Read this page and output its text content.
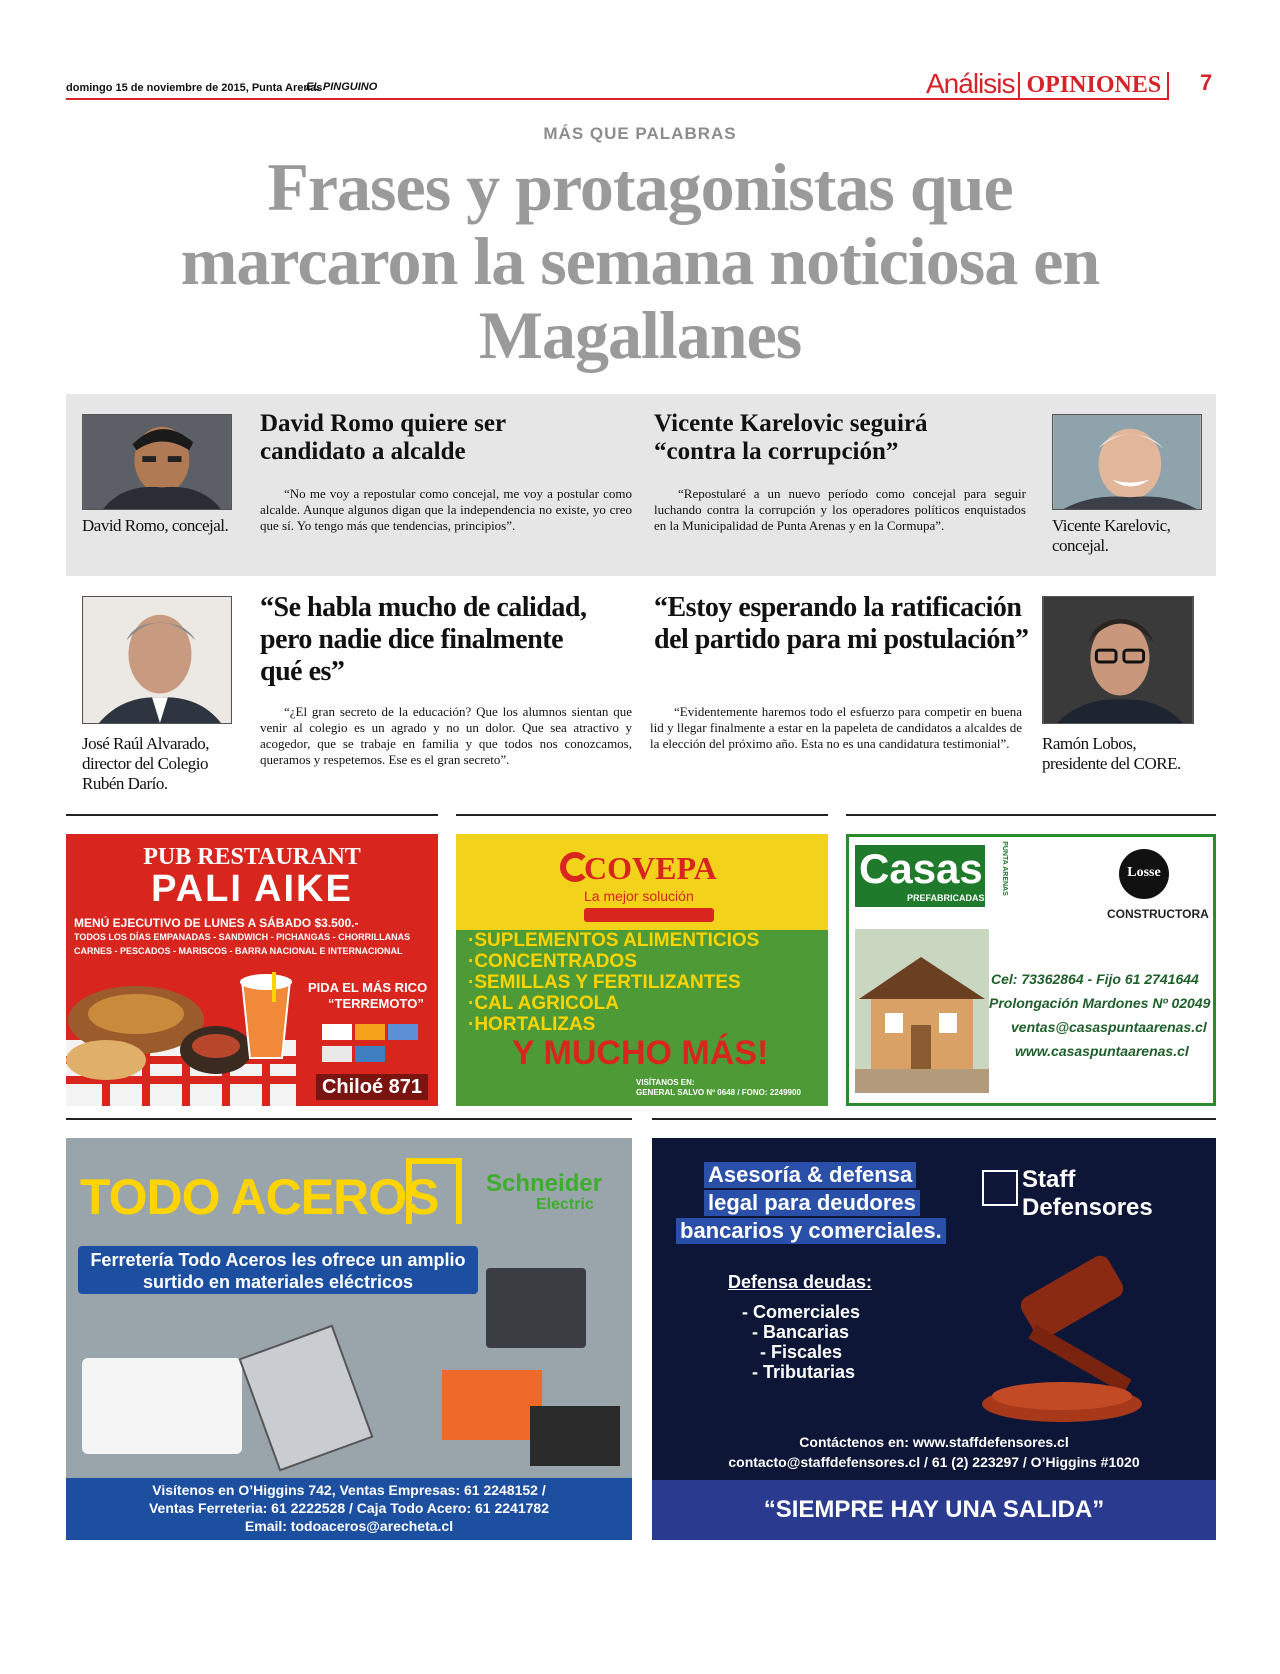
domingo 15 de noviembre de 2015, Punta Arenas
EL PINGUINO	Análisis OPINIONES	7
MÁS QUE PALABRAS
Frases y protagonistas que marcaron la semana noticiosa en Magallanes
David Romo, concejal.
David Romo quiere ser candidato a alcalde
“No me voy a repostular como concejal, me voy a postular como alcalde. Aunque algunos digan que la independencia no existe, yo creo que sí. Yo tengo más que tendencias, principios”.
Vicente Karelovic seguirá “contra la corrupción”
“Repostularé a un nuevo período como concejal para seguir luchando contra la corrupción y los operadores políticos enquistados en la Municipalidad de Punta Arenas y en la Cormupa”.	Vicente Karelovic, concejal.
José Raúl Alvarado, director del Colegio Rubén Darío.
“Se habla mucho de calidad, pero nadie dice finalmente qué es”
“¿El gran secreto de la educación? Que los alumnos sientan que venir al colegio es un agrado y no un dolor. Que sea atractivo y acogedor, que se trabaje en familia y que todos nos conozcamos, queramos y respetemos. Ese es el gran secreto”.
“Estoy esperando la ratificación del partido para mi postulación”
“Evidentemente haremos todo el esfuerzo para competir en buena lid y llegar finalmente a estar en la papeleta de candidatos a alcaldes de la elección del próximo año. Esta no es una candidatura testimonial”.	Ramón Lobos, presidente del CORE.
PUB RESTAURANT
PALI AIKE
MENÚ EJECUTIVO DE LUNES A SÁBADO $3.500.-
TODOS LOS DÍAS EMPANADAS - SANDWICH - PICHANGAS - CHORRILLANAS
CARNES - PESCADOS - MARISCOS - BARRA NACIONAL E INTERNACIONAL
PIDA EL MÁS RICO
“TERREMOTO”
Chiloé 871
COVEPA
La mejor solución
·SUPLEMENTOS ALIMENTICIOS
·CONCENTRADOS
·SEMILLAS Y FERTILIZANTES
·CAL AGRICOLA
·HORTALIZAS
Y MUCHO MÁS!
VISÍTANOS EN:
GENERAL SALVO Nº 0648 / FONO: 2249900
Casas
PREFABRICADAS
PUNTA ARENAS	Losse
CONSTRUCTORA
Cel: 73362864 - Fijo 61 2741644
Prolongación Mardones Nº 02049
ventas@casaspuntaarenas.cl
www.casaspuntaarenas.cl
TODO ACEROS Schneider
Electric
Ferretería Todo Aceros les ofrece un amplio
surtido en materiales eléctricos
Visítenos en O’Higgins 742, Ventas Empresas: 61 2248152 /
Ventas Ferreteria: 61 2222528 / Caja Todo Acero: 61 2241782
Email: todoaceros@arecheta.cl
Asesoría & defensa
legal para deudores
bancarios y comerciales.
Staff
Defensores
Defensa deudas:
- Comerciales
- Bancarias
- Fiscales
- Tributarias
Contáctenos en: www.staffdefensores.cl
contacto@staffdefensores.cl / 61 (2) 223297 / O’Higgins #1020
“SIEMPRE HAY UNA SALIDA”
